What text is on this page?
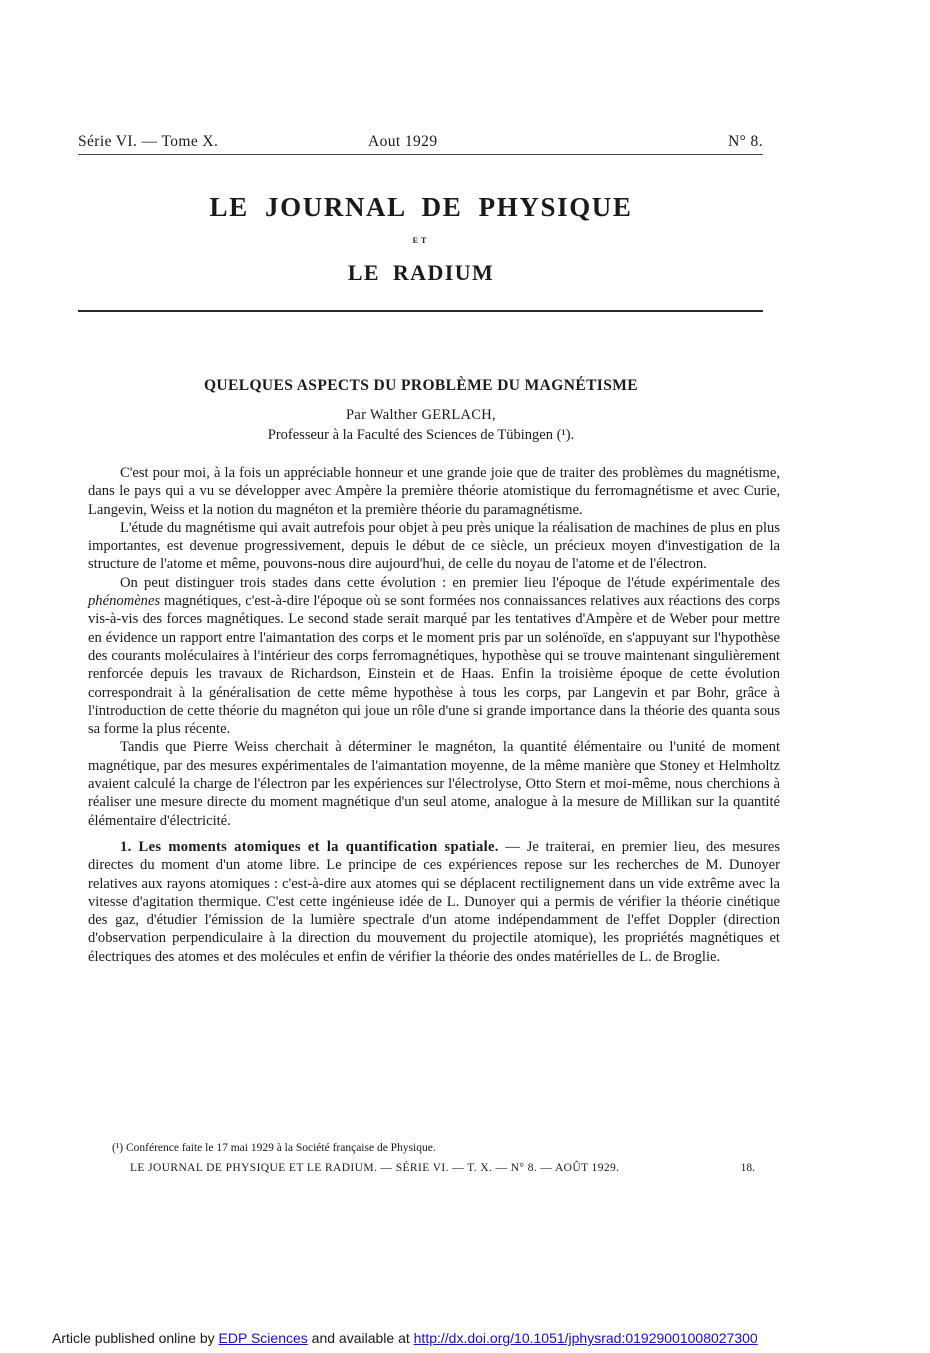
Série VI. — Tome X.	Aout 1929	N° 8.
LE JOURNAL DE PHYSIQUE
ET
LE RADIUM
QUELQUES ASPECTS DU PROBLÈME DU MAGNÉTISME
Par Walther GERLACH,
Professeur à la Faculté des Sciences de Tübingen (¹).

C'est pour moi, à la fois un appréciable honneur et une grande joie que de traiter des problèmes du magnétisme, dans le pays qui a vu se développer avec Ampère la première théorie atomistique du ferromagnétisme et avec Curie, Langevin, Weiss et la notion du magnéton et la première théorie du paramagnétisme.

L'étude du magnétisme qui avait autrefois pour objet à peu près unique la réalisation de machines de plus en plus importantes, est devenue progressivement, depuis le début de ce siècle, un précieux moyen d'investigation de la structure de l'atome et même, pouvons-nous dire aujourd'hui, de celle du noyau de l'atome et de l'électron.

On peut distinguer trois stades dans cette évolution : en premier lieu l'époque de l'étude expérimentale des phénomènes magnétiques, c'est-à-dire l'époque où se sont formées nos connaissances relatives aux réactions des corps vis-à-vis des forces magnétiques. Le second stade serait marqué par les tentatives d'Ampère et de Weber pour mettre en évidence un rapport entre l'aimantation des corps et le moment pris par un solénoïde, en s'appuyant sur l'hypothèse des courants moléculaires à l'intérieur des corps ferromagnétiques, hypothèse qui se trouve maintenant singulièrement renforcée depuis les travaux de Richardson, Einstein et de Haas. Enfin la troisième époque de cette évolution correspondrait à la généralisation de cette même hypothèse à tous les corps, par Langevin et par Bohr, grâce à l'introduction de cette théorie du magnéton qui joue un rôle d'une si grande importance dans la théorie des quanta sous sa forme la plus récente.

Tandis que Pierre Weiss cherchait à déterminer le magnéton, la quantité élémentaire ou l'unité de moment magnétique, par des mesures expérimentales de l'aimantation moyenne, de la même manière que Stoney et Helmholtz avaient calculé la charge de l'électron par les expériences sur l'électrolyse, Otto Stern et moi-même, nous cherchions à réaliser une mesure directe du moment magnétique d'un seul atome, analogue à la mesure de Millikan sur la quantité élémentaire d'électricité.

1. Les moments atomiques et la quantification spatiale. — Je traiterai, en premier lieu, des mesures directes du moment d'un atome libre. Le principe de ces expériences repose sur les recherches de M. Dunoyer relatives aux rayons atomiques : c'est-à-dire aux atomes qui se déplacent rectilignement dans un vide extrême avec la vitesse d'agitation thermique. C'est cette ingénieuse idée de L. Dunoyer qui a permis de vérifier la théorie cinétique des gaz, d'étudier l'émission de la lumière spectrale d'un atome indépendamment de l'effet Doppler (direction d'observation perpendiculaire à la direction du mouvement du projectile atomique), les propriétés magnétiques et électriques des atomes et des molécules et enfin de vérifier la théorie des ondes matérielles de L. de Broglie.

(¹) Conférence faite le 17 mai 1929 à la Société française de Physique.
LE JOURNAL DE PHYSIQUE ET LE RADIUM. — SÉRIE VI. — T. X. — N° 8. — AOÛT 1929.	18.
Article published online by EDP Sciences and available at http://dx.doi.org/10.1051/jphysrad:01929001008027300
